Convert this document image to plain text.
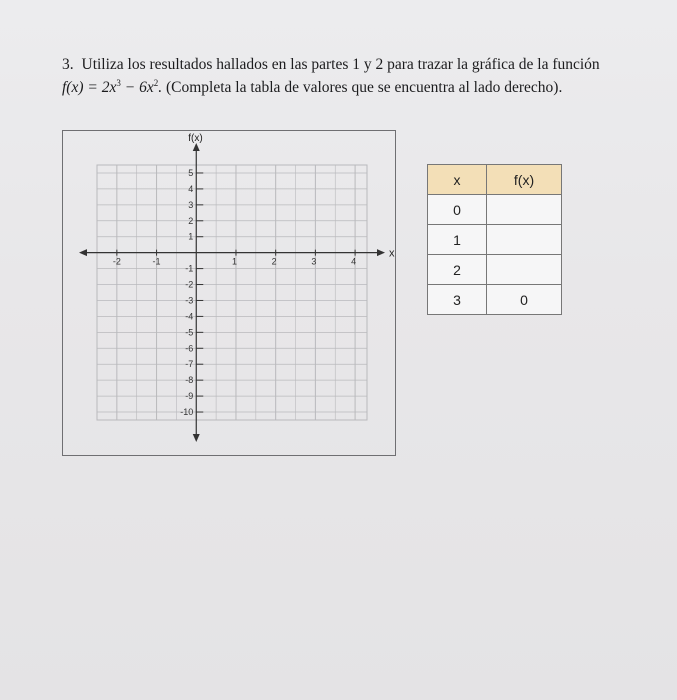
3. Utiliza los resultados hallados en las partes 1 y 2 para trazar la gráfica de la función
$f(x) = 2x^3 - 6x^2$. (Completa la tabla de valores que se encuentra al lado derecho).
f(x)
x
-2	-1	1	2	3	4
5
4
3
2
1
-1
-2
-3
-4
-5
-6
-7
-8
-9
-10
x	f(x)
0	
1	
2	
3	0
